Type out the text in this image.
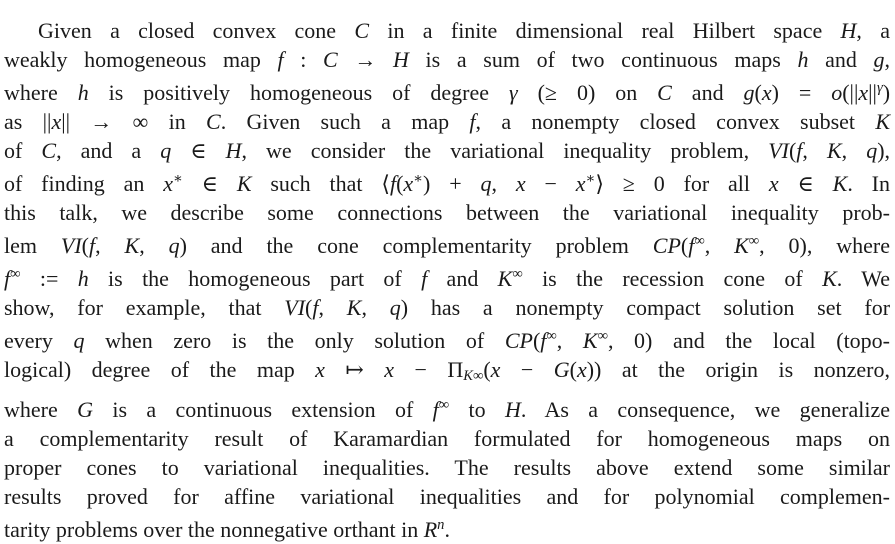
Given a closed convex cone C in a finite dimensional real Hilbert space H, a
weakly homogeneous map f : C → H is a sum of two continuous maps h and g,
where h is positively homogeneous of degree γ (≥ 0) on C and $g(x) = o(||x||^\gamma)$
as ||x|| → ∞ in C. Given such a map f, a nonempty closed convex subset K
of C, and a q ∈ H, we consider the variational inequality problem, VI(f, K, q),
of finding an x∗ ∈ K such that ⟨f(x∗) + q, x − x∗⟩ ≥ 0 for all x ∈ K. In
this talk, we describe some connections between the variational inequality prob-
lem VI(f, K, q) and the cone complementarity problem CP(f∞, K∞, 0), where
f∞ := h is the homogeneous part of f and K∞ is the recession cone of K. We
show, for example, that VI(f, K, q) has a nonempty compact solution set for
every q when zero is the only solution of CP(f∞, K∞, 0) and the local (topo-
logical) degree of the map x ↦ $x - \Pi K_\infty(x - G(x))$ at the origin is nonzero,
where G is a continuous extension of f∞ to H. As a consequence, we generalize
a complementarity result of Karamardian formulated for homogeneous maps on
proper cones to variational inequalities. The results above extend some similar
results proved for affine variational inequalities and for polynomial complemen-
tarity problems over the nonnegative orthant in $R^n$.
